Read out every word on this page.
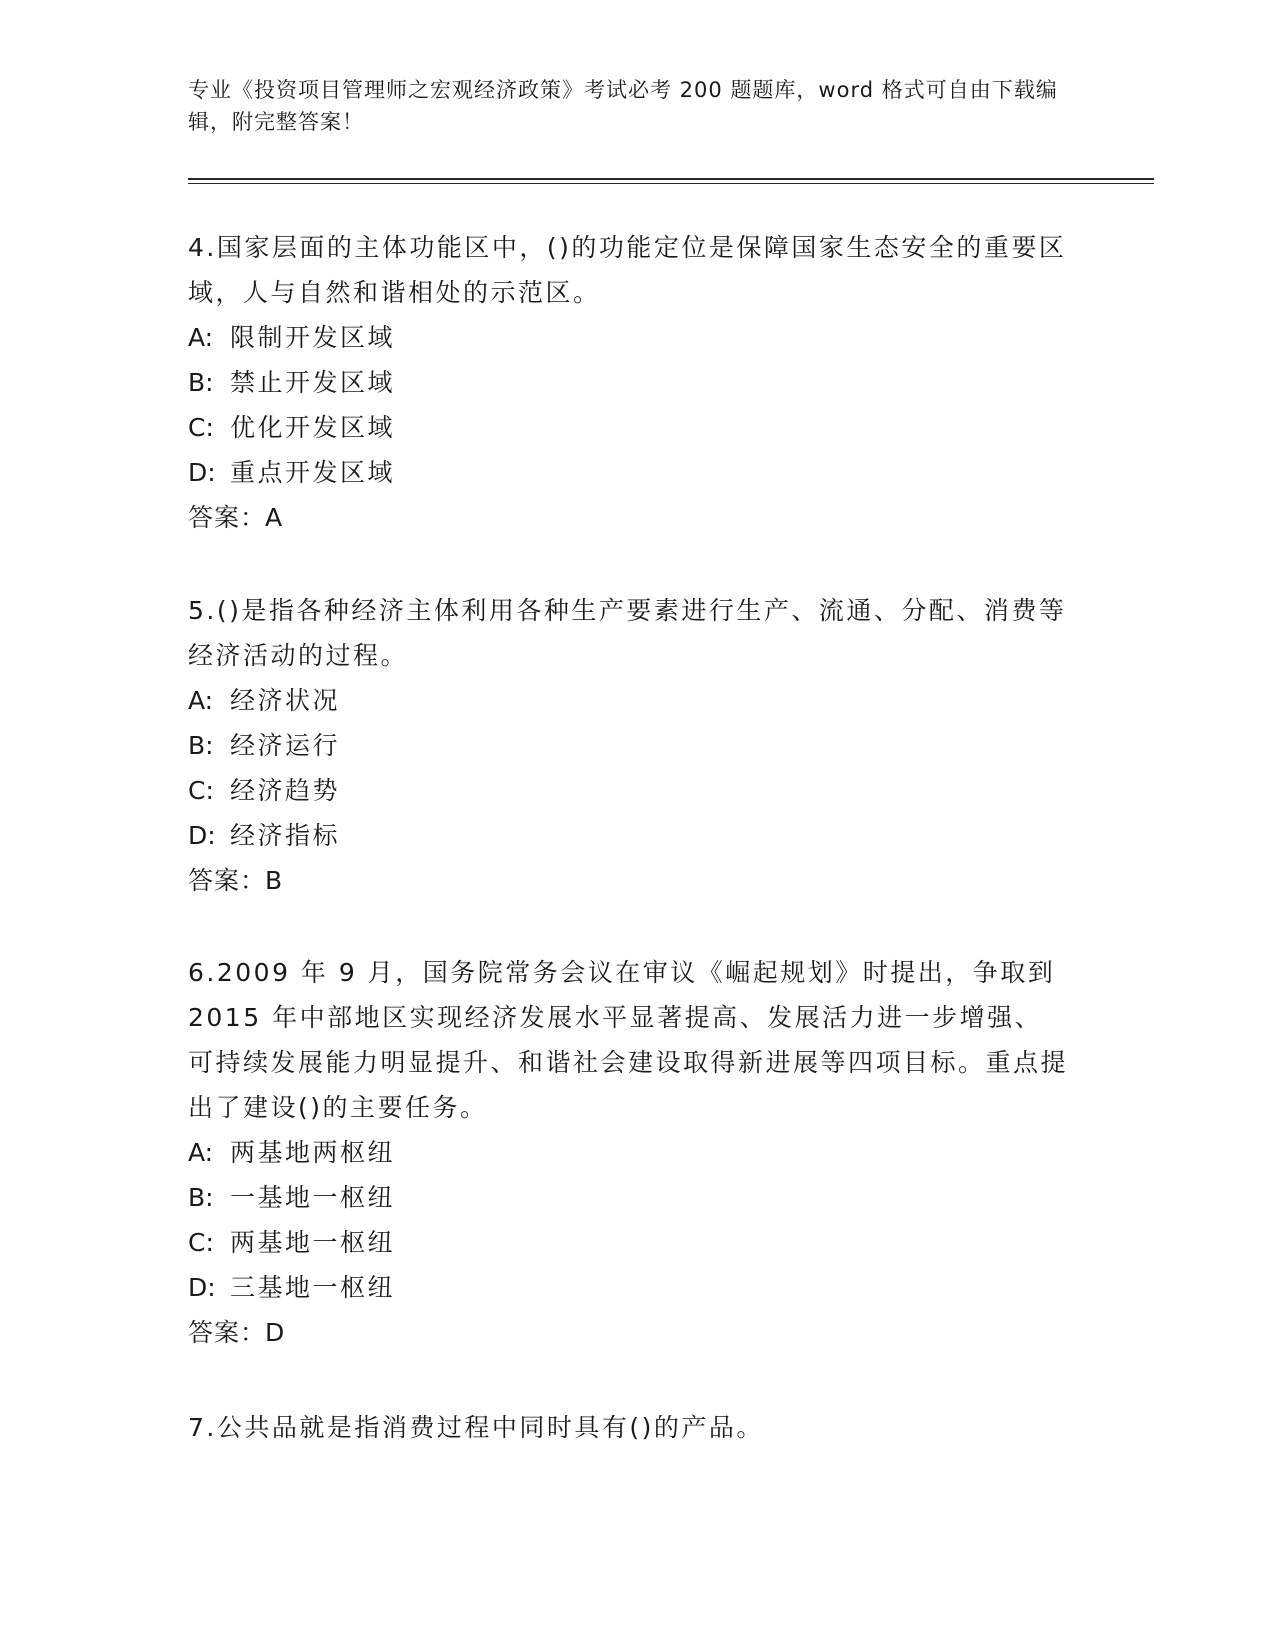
专业《投资项目管理师之宏观经济政策》考试必考 200 题题库，word 格式可自由下载编辑，附完整答案！

4.国家层面的主体功能区中，()的功能定位是保障国家生态安全的重要区域，人与自然和谐相处的示范区。

A: 限制开发区域

B: 禁止开发区域

C: 优化开发区域

D: 重点开发区域

答案：A

5.()是指各种经济主体利用各种生产要素进行生产、流通、分配、消费等经济活动的过程。

A: 经济状况

B: 经济运行

C: 经济趋势

D: 经济指标

答案：B

6.2009 年 9 月，国务院常务会议在审议《崛起规划》时提出，争取到 2015 年中部地区实现经济发展水平显著提高、发展活力进一步增强、可持续发展能力明显提升、和谐社会建设取得新进展等四项目标。重点提出了建设()的主要任务。

A: 两基地两枢纽

B: 一基地一枢纽

C: 两基地一枢纽

D: 三基地一枢纽

答案：D

7.公共品就是指消费过程中同时具有()的产品。
